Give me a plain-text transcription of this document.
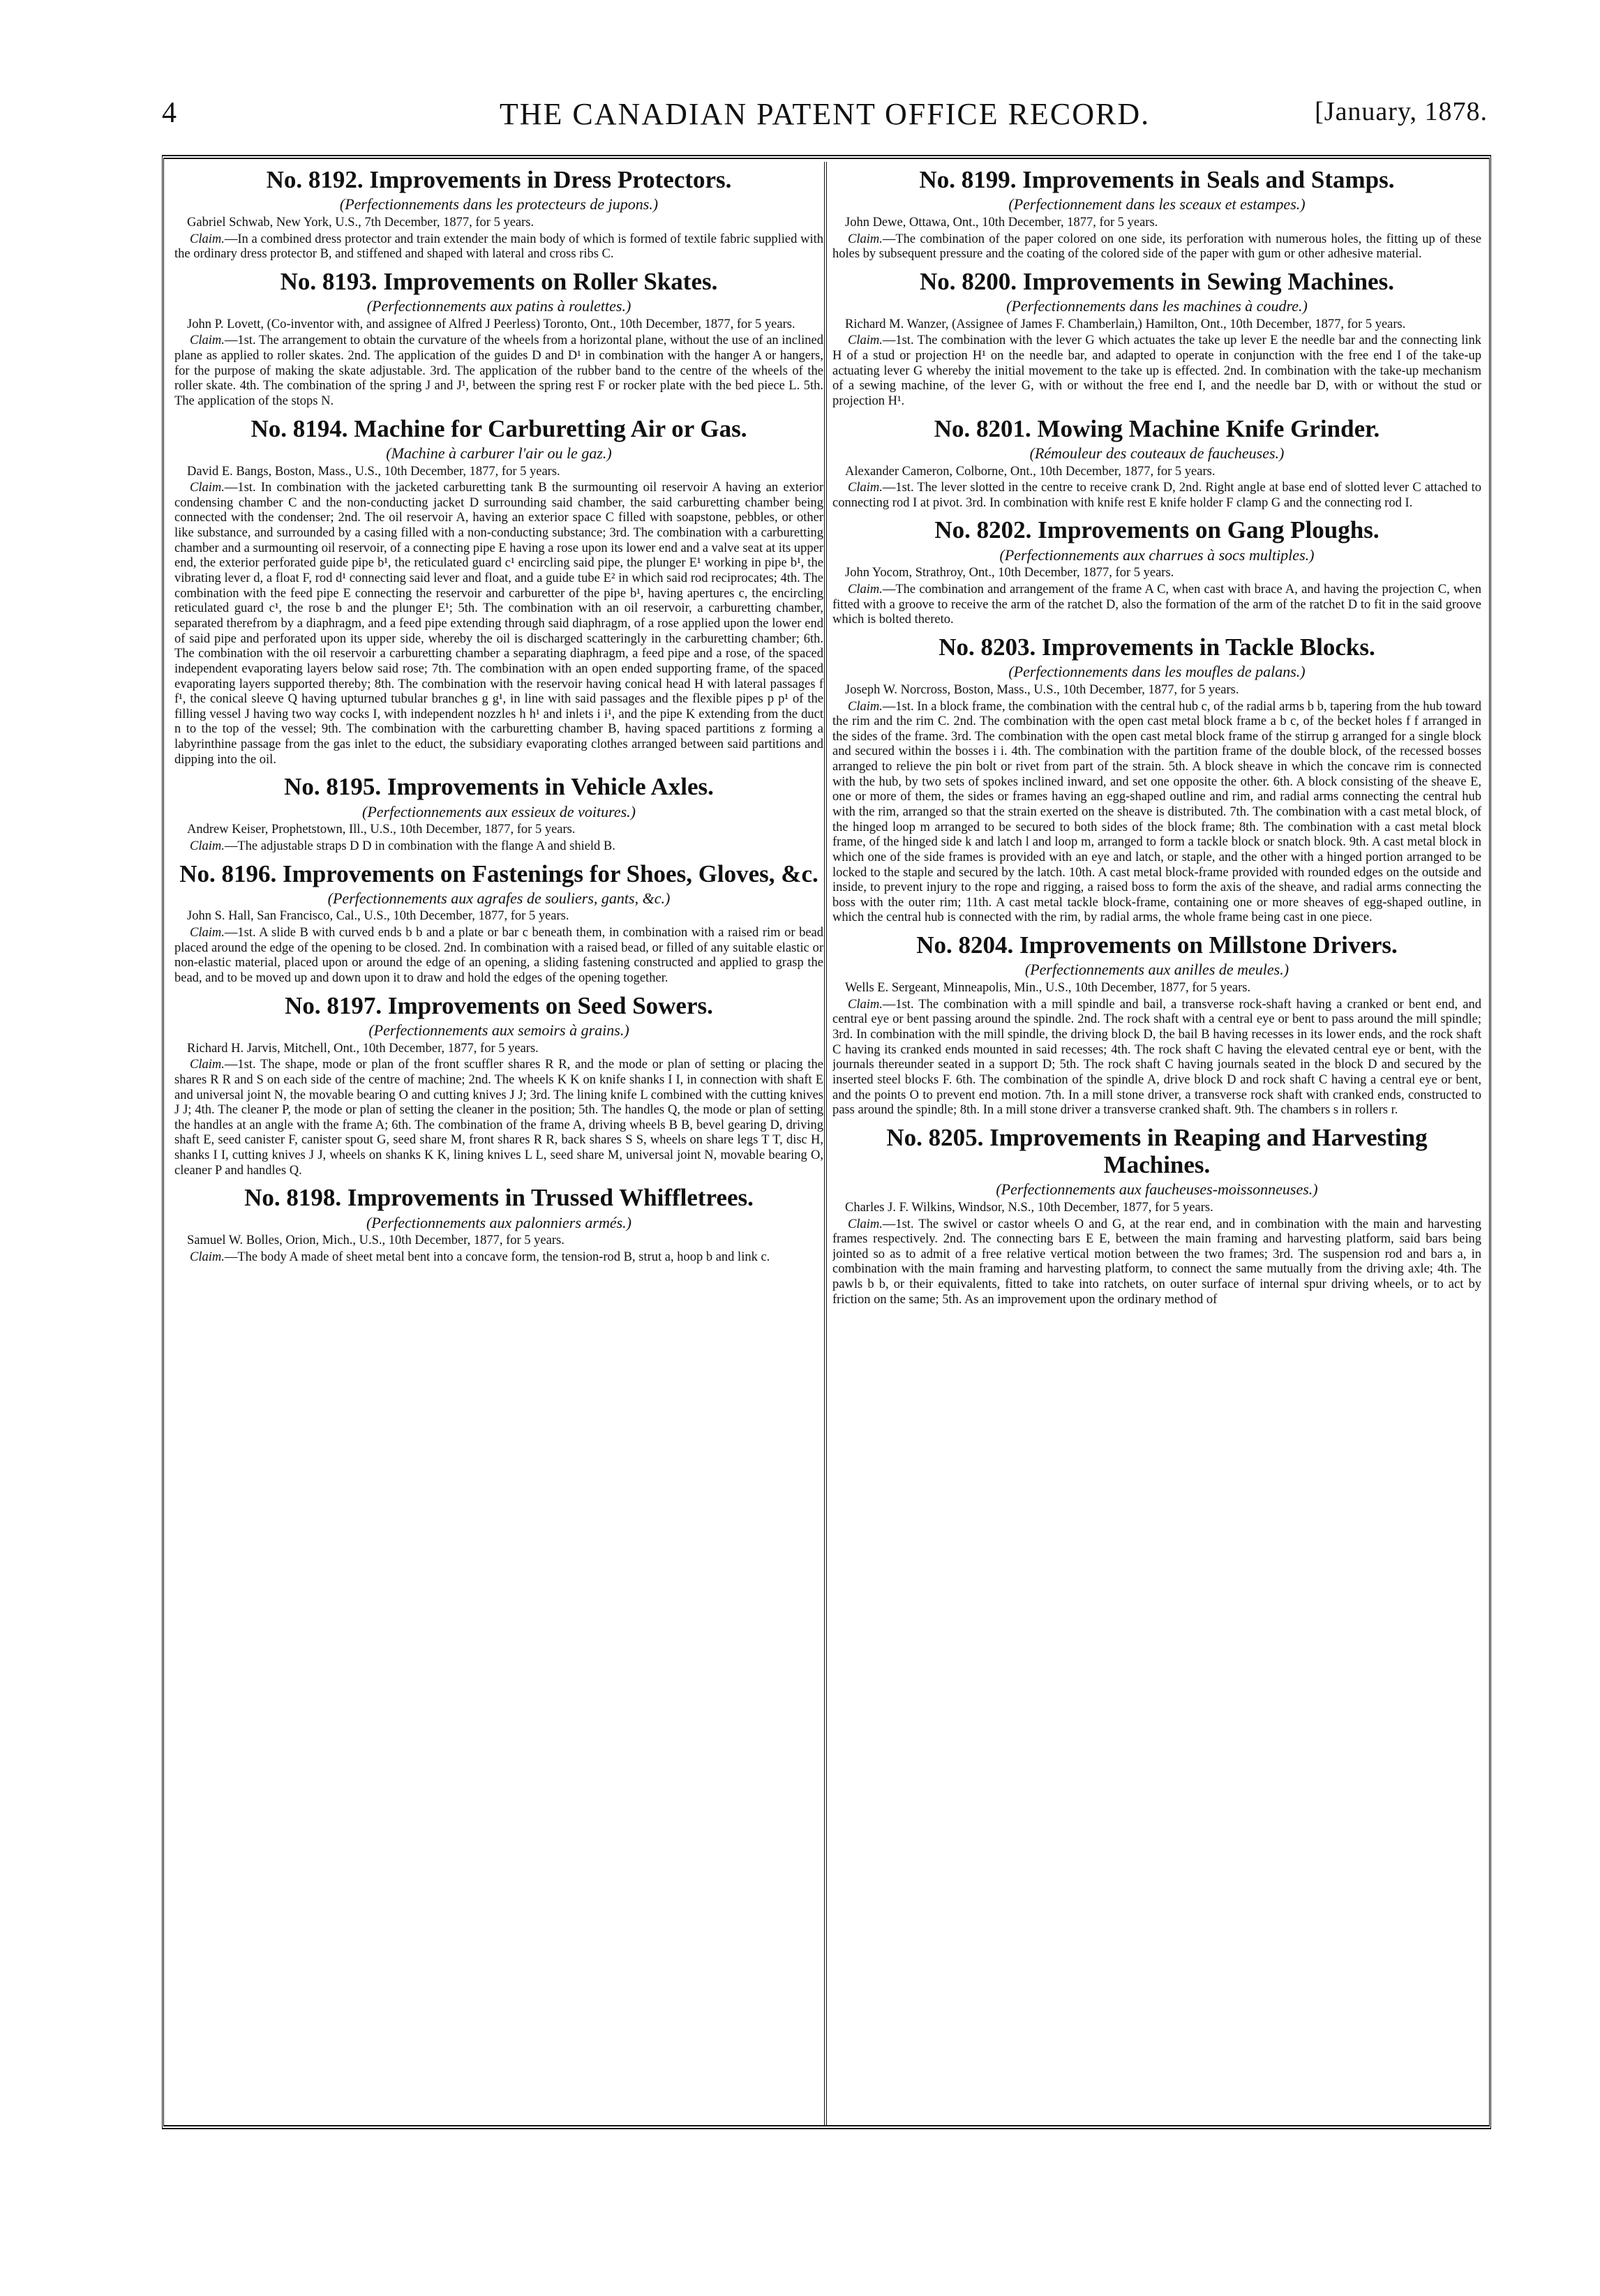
4	THE CANADIAN PATENT OFFICE RECORD.	[January, 1878.
No. 8192. Improvements in Dress Protectors.
(Perfectionnements dans les protecteurs de jupons.)
Gabriel Schwab, New York, U.S., 7th December, 1877, for 5 years.
Claim.—In a combined dress protector and train extender the main body of which is formed of textile fabric supplied with the ordinary dress protector B, and stiffened and shaped with lateral and cross ribs C.
No. 8193. Improvements on Roller Skates.
(Perfectionnements aux patins à roulettes.)
John P. Lovett, (Co-inventor with, and assignee of Alfred J Peerless) Toronto, Ont., 10th December, 1877, for 5 years.
Claim.—1st. The arrangement to obtain the curvature of the wheels from a horizontal plane, without the use of an inclined plane as applied to roller skates. 2nd. The application of the guides D and D¹ in combination with the hanger A or hangers, for the purpose of making the skate adjustable. 3rd. The application of the rubber band to the centre of the wheels of the roller skate. 4th. The combination of the spring J and J¹, between the spring rest F or rocker plate with the bed piece L. 5th. The application of the stops N.
No. 8194. Machine for Carburetting Air or Gas.
(Machine à carburer l'air ou le gaz.)
David E. Bangs, Boston, Mass., U.S., 10th December, 1877, for 5 years.
Claim.—1st. In combination with the jacketed carburetting tank B the surmounting oil reservoir A having an exterior condensing chamber C and the non-conducting jacket D surrounding said chamber, the said carburetting chamber being connected with the condenser; 2nd. The oil reservoir A, having an exterior space C filled with soapstone, pebbles, or other like substance, and surrounded by a casing filled with a non-conducting substance; 3rd. The combination with a carburetting chamber and a surmounting oil reservoir, of a connecting pipe E having a rose upon its lower end and a valve seat at its upper end, the exterior perforated guide pipe b¹, the reticulated guard c¹ encircling said pipe, the plunger E¹ working in pipe b¹, the vibrating lever d, a float F, rod d¹ connecting said lever and float, and a guide tube E² in which said rod reciprocates; 4th. The combination with the feed pipe E connecting the reservoir and carburetter of the pipe b¹, having apertures c, the encircling reticulated guard c¹, the rose b and the plunger E¹; 5th. The combination with an oil reservoir, a carburetting chamber, separated therefrom by a diaphragm, and a feed pipe extending through said diaphragm, of a rose applied upon the lower end of said pipe and perforated upon its upper side, whereby the oil is discharged scatteringly in the carburetting chamber; 6th. The combination with the oil reservoir a carburetting chamber a separating diaphragm, a feed pipe and a rose, of the spaced independent evaporating layers below said rose; 7th. The combination with an open ended supporting frame, of the spaced evaporating layers supported thereby; 8th. The combination with the reservoir having conical head H with lateral passages f f¹, the conical sleeve Q having upturned tubular branches g g¹, in line with said passages and the flexible pipes p p¹ of the filling vessel J having two way cocks I, with independent nozzles h h¹ and inlets i i¹, and the pipe K extending from the duct n to the top of the vessel; 9th. The combination with the carburetting chamber B, having spaced partitions z forming a labyrinthine passage from the gas inlet to the educt, the subsidiary evaporating clothes arranged between said partitions and dipping into the oil.
No. 8195. Improvements in Vehicle Axles.
(Perfectionnements aux essieux de voitures.)
Andrew Keiser, Prophetstown, Ill., U.S., 10th December, 1877, for 5 years.
Claim.—The adjustable straps D D in combination with the flange A and shield B.
No. 8196. Improvements on Fastenings for Shoes, Gloves, &c.
(Perfectionnements aux agrafes de souliers, gants, &c.)
John S. Hall, San Francisco, Cal., U.S., 10th December, 1877, for 5 years.
Claim.—1st. A slide B with curved ends b b and a plate or bar c beneath them, in combination with a raised rim or bead placed around the edge of the opening to be closed. 2nd. In combination with a raised bead, or filled of any suitable elastic or non-elastic material, placed upon or around the edge of an opening, a sliding fastening constructed and applied to grasp the bead, and to be moved up and down upon it to draw and hold the edges of the opening together.
No. 8197. Improvements on Seed Sowers.
(Perfectionnements aux semoirs à grains.)
Richard H. Jarvis, Mitchell, Ont., 10th December, 1877, for 5 years.
Claim.—1st. The shape, mode or plan of the front scuffler shares R R, and the mode or plan of setting or placing the shares R R and S on each side of the centre of machine; 2nd. The wheels K K on knife shanks I I, in connection with shaft E and universal joint N, the movable bearing O and cutting knives J J; 3rd. The lining knife L combined with the cutting knives J J; 4th. The cleaner P, the mode or plan of setting the cleaner in the position; 5th. The handles Q, the mode or plan of setting the handles at an angle with the frame A; 6th. The combination of the frame A, driving wheels B B, bevel gearing D, driving shaft E, seed canister F, canister spout G, seed share M, front shares R R, back shares S S, wheels on share legs T T, disc H, shanks I I, cutting knives J J, wheels on shanks K K, lining knives L L, seed share M, universal joint N, movable bearing O, cleaner P and handles Q.
No. 8198. Improvements in Trussed Whiffletrees.
(Perfectionnements aux palonniers armés.)
Samuel W. Bolles, Orion, Mich., U.S., 10th December, 1877, for 5 years.
Claim.—The body A made of sheet metal bent into a concave form, the tension-rod B, strut a, hoop b and link c.
No. 8199. Improvements in Seals and Stamps.
(Perfectionnement dans les sceaux et estampes.)
John Dewe, Ottawa, Ont., 10th December, 1877, for 5 years.
Claim.—The combination of the paper colored on one side, its perforation with numerous holes, the fitting up of these holes by subsequent pressure and the coating of the colored side of the paper with gum or other adhesive material.
No. 8200. Improvements in Sewing Machines.
(Perfectionnements dans les machines à coudre.)
Richard M. Wanzer, (Assignee of James F. Chamberlain,) Hamilton, Ont., 10th December, 1877, for 5 years.
Claim.—1st. The combination with the lever G which actuates the take up lever E the needle bar and the connecting link H of a stud or projection H¹ on the needle bar, and adapted to operate in conjunction with the free end I of the take-up actuating lever G whereby the initial movement to the take up is effected. 2nd. In combination with the take-up mechanism of a sewing machine, of the lever G, with or without the free end I, and the needle bar D, with or without the stud or projection H¹.
No. 8201. Mowing Machine Knife Grinder.
(Rémouleur des couteaux de faucheuses.)
Alexander Cameron, Colborne, Ont., 10th December, 1877, for 5 years.
Claim.—1st. The lever slotted in the centre to receive crank D, 2nd. Right angle at base end of slotted lever C attached to connecting rod I at pivot. 3rd. In combination with knife rest E knife holder F clamp G and the connecting rod I.
No. 8202. Improvements on Gang Ploughs.
(Perfectionnements aux charrues à socs multiples.)
John Yocom, Strathroy, Ont., 10th December, 1877, for 5 years.
Claim.—The combination and arrangement of the frame A C, when cast with brace A, and having the projection C, when fitted with a groove to receive the arm of the ratchet D, also the formation of the arm of the ratchet D to fit in the said groove which is bolted thereto.
No. 8203. Improvements in Tackle Blocks.
(Perfectionnements dans les moufles de palans.)
Joseph W. Norcross, Boston, Mass., U.S., 10th December, 1877, for 5 years.
Claim.—1st. In a block frame, the combination with the central hub c, of the radial arms b b, tapering from the hub toward the rim and the rim C. 2nd. The combination with the open cast metal block frame a b c, of the becket holes f f arranged in the sides of the frame. 3rd. The combination with the open cast metal block frame of the stirrup g arranged for a single block and secured within the bosses i i. 4th. The combination with the partition frame of the double block, of the recessed bosses arranged to relieve the pin bolt or rivet from part of the strain. 5th. A block sheave in which the concave rim is connected with the hub, by two sets of spokes inclined inward, and set one opposite the other. 6th. A block consisting of the sheave E, one or more of them, the sides or frames having an egg-shaped outline and rim, and radial arms connecting the central hub with the rim, arranged so that the strain exerted on the sheave is distributed. 7th. The combination with a cast metal block, of the hinged loop m arranged to be secured to both sides of the block frame; 8th. The combination with a cast metal block frame, of the hinged side k and latch l and loop m, arranged to form a tackle block or snatch block. 9th. A cast metal block in which one of the side frames is provided with an eye and latch, or staple, and the other with a hinged portion arranged to be locked to the staple and secured by the latch. 10th. A cast metal block-frame provided with rounded edges on the outside and inside, to prevent injury to the rope and rigging, a raised boss to form the axis of the sheave, and radial arms connecting the boss with the outer rim; 11th. A cast metal tackle block-frame, containing one or more sheaves of egg-shaped outline, in which the central hub is connected with the rim, by radial arms, the whole frame being cast in one piece.
No. 8204. Improvements on Millstone Drivers.
(Perfectionnements aux anilles de meules.)
Wells E. Sergeant, Minneapolis, Min., U.S., 10th December, 1877, for 5 years.
Claim.—1st. The combination with a mill spindle and bail, a transverse rock-shaft having a cranked or bent end, and central eye or bent passing around the spindle. 2nd. The rock shaft with a central eye or bent to pass around the mill spindle; 3rd. In combination with the mill spindle, the driving block D, the bail B having recesses in its lower ends, and the rock shaft C having its cranked ends mounted in said recesses; 4th. The rock shaft C having the elevated central eye or bent, with the journals thereunder seated in a support D; 5th. The rock shaft C having journals seated in the block D and secured by the inserted steel blocks F. 6th. The combination of the spindle A, drive block D and rock shaft C having a central eye or bent, and the points O to prevent end motion. 7th. In a mill stone driver, a transverse rock shaft with cranked ends, constructed to pass around the spindle; 8th. In a mill stone driver a transverse cranked shaft. 9th. The chambers s in rollers r.
No. 8205. Improvements in Reaping and Harvesting Machines.
(Perfectionnements aux faucheuses-moissonneuses.)
Charles J. F. Wilkins, Windsor, N.S., 10th December, 1877, for 5 years.
Claim.—1st. The swivel or castor wheels O and G, at the rear end, and in combination with the main and harvesting frames respectively. 2nd. The connecting bars E E, between the main framing and harvesting platform, said bars being jointed so as to admit of a free relative vertical motion between the two frames; 3rd. The suspension rod and bars a, in combination with the main framing and harvesting platform, to connect the same mutually from the driving axle; 4th. The pawls b b, or their equivalents, fitted to take into ratchets, on outer surface of internal spur driving wheels, or to act by friction on the same; 5th. As an improvement upon the ordinary method of
